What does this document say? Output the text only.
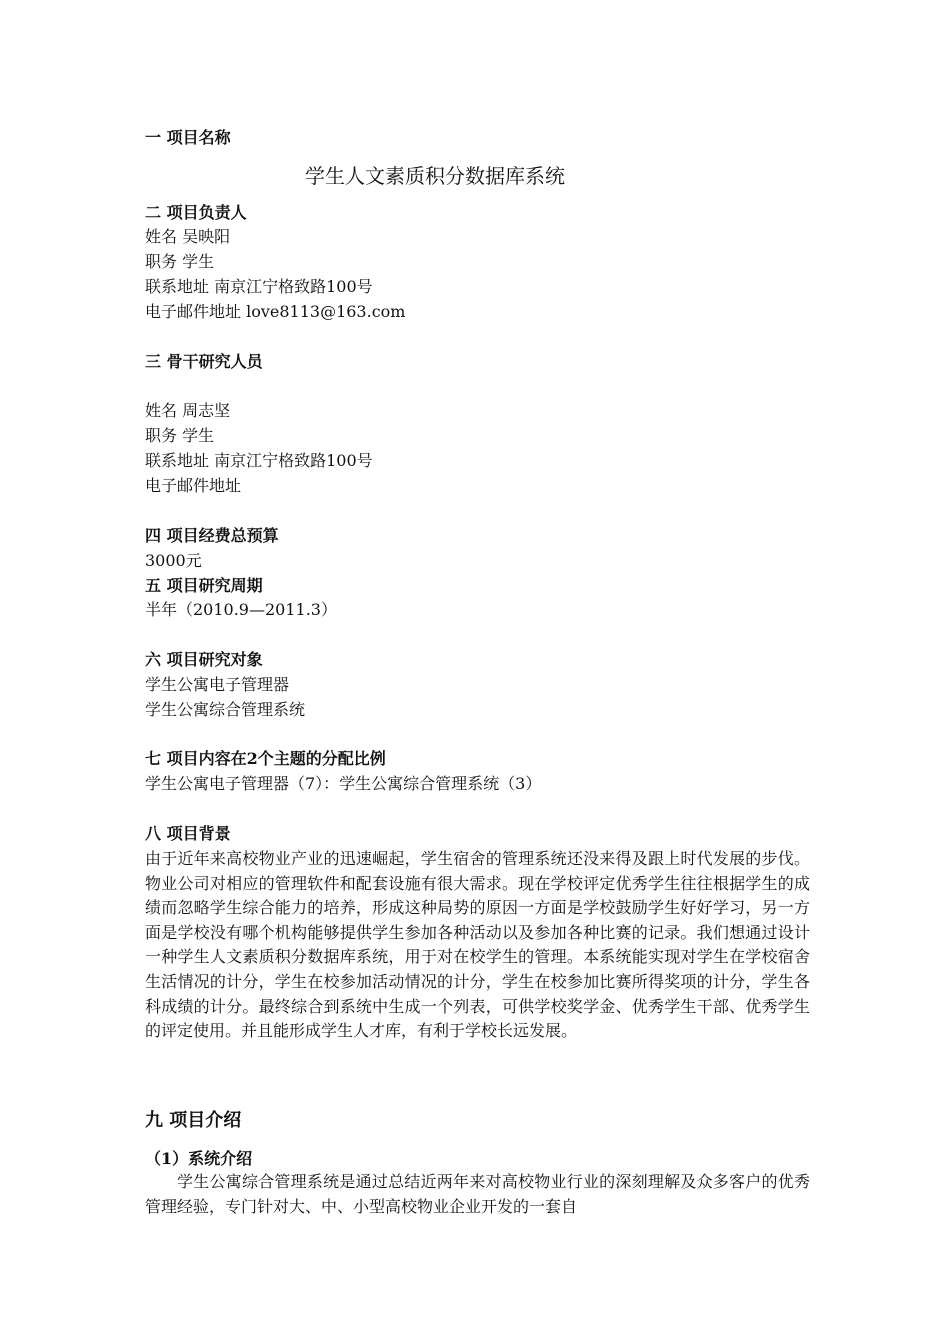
一 项目名称
学生人文素质积分数据库系统
二 项目负责人
姓名 吴映阳
职务 学生
联系地址 南京江宁格致路100号
电子邮件地址 love8113@163.com
三 骨干研究人员
姓名 周志坚
职务 学生
联系地址 南京江宁格致路100号
电子邮件地址
四 项目经费总预算
3000元
五 项目研究周期
半年（2010.9—2011.3）
六 项目研究对象
学生公寓电子管理器
学生公寓综合管理系统
七 项目内容在2个主题的分配比例
学生公寓电子管理器（7）：学生公寓综合管理系统（3）
八 项目背景
由于近年来高校物业产业的迅速崛起，学生宿舍的管理系统还没来得及跟上时代发展的步伐。物业公司对相应的管理软件和配套设施有很大需求。现在学校评定优秀学生往往根据学生的成绩而忽略学生综合能力的培养，形成这种局势的原因一方面是学校鼓励学生好好学习，另一方面是学校没有哪个机构能够提供学生参加各种活动以及参加各种比赛的记录。我们想通过设计一种学生人文素质积分数据库系统，用于对在校学生的管理。本系统能实现对学生在学校宿舍生活情况的计分，学生在校参加活动情况的计分，学生在校参加比赛所得奖项的计分，学生各科成绩的计分。最终综合到系统中生成一个列表，可供学校奖学金、优秀学生干部、优秀学生的评定使用。并且能形成学生人才库，有利于学校长远发展。
九 项目介绍
（1）系统介绍
学生公寓综合管理系统是通过总结近两年来对高校物业行业的深刻理解及众多客户的优秀管理经验，专门针对大、中、小型高校物业企业开发的一套自
